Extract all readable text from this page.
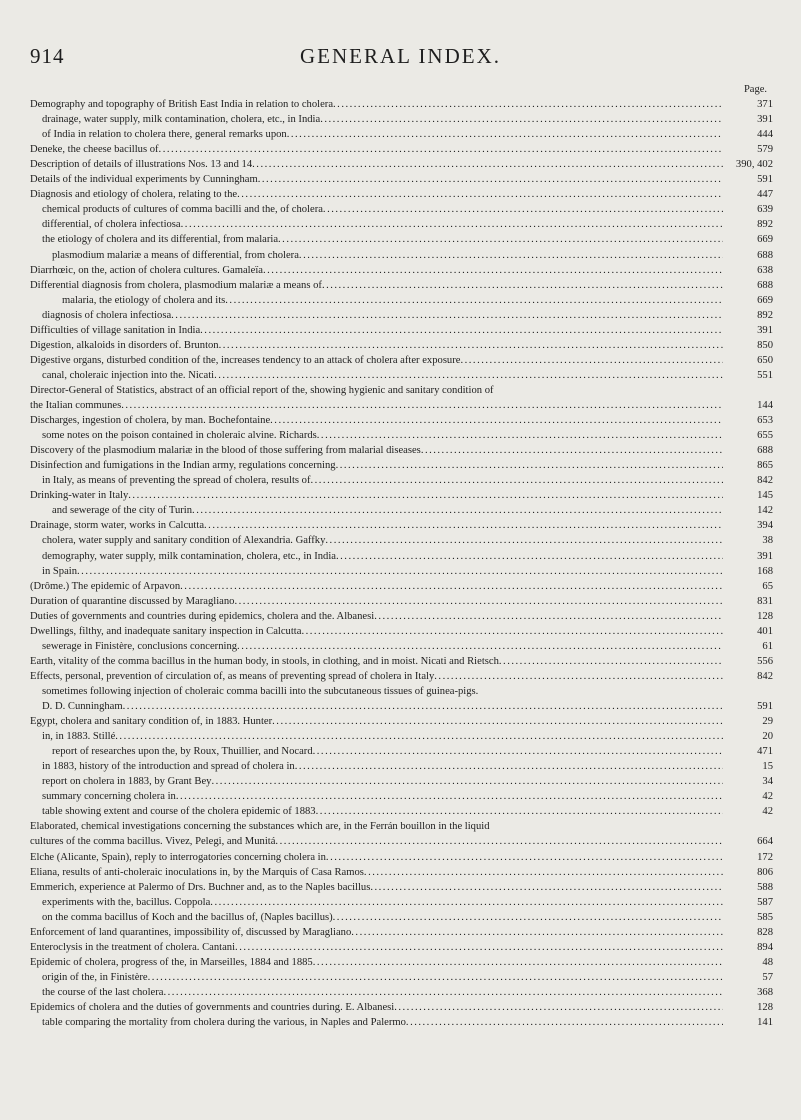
914	GENERAL INDEX.
Page.
Demography and topography of British East India in relation to cholera .....	371
drainage, water supply, milk contamination, cholera, etc., in India .....	391
of India in relation to cholera there, general remarks upon .....	444
Deneke, the cheese bacillus of .....	579
Description of details of illustrations Nos. 13 and 14 .....	390, 402
Details of the individual experiments by Cunningham .....	591
Diagnosis and etiology of cholera, relating to the .....	447
chemical products of cultures of comma bacilli and the, of cholera .....	639
differential, of cholera infectiosa .....	892
the etiology of cholera and its differential, from malaria .....	669
plasmodium malariæ a means of differential, from cholera .....	688
Diarrhœic, on the, action of cholera cultures. Gamaleïa .....	638
Differential diagnosis from cholera, plasmodium malariæ a means of .....	688
malaria, the etiology of cholera and its .....	669
diagnosis of cholera infectiosa .....	892
Difficulties of village sanitation in India .....	391
Digestion, alkaloids in disorders of. Brunton .....	850
Digestive organs, disturbed condition of the, increases tendency to an attack of cholera after exposure .....	650
canal, choleraic injection into the. Nicati .....	551
Director-General of Statistics, abstract of an official report of the, showing hygienic and sanitary condition of
the Italian communes .....	144
Discharges, ingestion of cholera, by man. Bochefontaine .....	653
some notes on the poison contained in choleraic alvine. Richards .....	655
Discovery of the plasmodium malariæ in the blood of those suffering from malarial diseases .....	688
Disinfection and fumigations in the Indian army, regulations concerning .....	865
in Italy, as means of preventing the spread of cholera, results of .....	842
Drinking-water in Italy .....	145
and sewerage of the city of Turin .....	142
Drainage, storm water, works in Calcutta .....	394
cholera, water supply and sanitary condition of Alexandria. Gaffky .....	38
demography, water supply, milk contamination, cholera, etc., in India .....	391
in Spain .....	168
(Drôme.) The epidemic of Arpavon .....	65
Duration of quarantine discussed by Maragliano .....	831
Duties of governments and countries during epidemics, cholera and the. Albanesi .....	128
Dwellings, filthy, and inadequate sanitary inspection in Calcutta .....	401
sewerage in Finistère, conclusions concerning .....	61
Earth, vitality of the comma bacillus in the human body, in stools, in clothing, and in moist. Nicati and Rietsch .....	556
Effects, personal, prevention of circulation of, as means of preventing spread of cholera in Italy .....	842
sometimes following injection of choleraic comma bacilli into the subcutaneous tissues of guinea-pigs.
D. D. Cunningham .....	591
Egypt, cholera and sanitary condition of, in 1883. Hunter .....	29
in, in 1883. Stillé .....	20
report of researches upon the, by Roux, Thuillier, and Nocard .....	471
in 1883, history of the introduction and spread of cholera in .....	15
report on cholera in 1883, by Grant Bey .....	34
summary concerning cholera in .....	42
table showing extent and course of the cholera epidemic of 1883 .....	42
Elaborated, chemical investigations concerning the substances which are, in the Ferrán bouillon in the liquid
cultures of the comma bacillus. Vivez, Pelegi, and Munitá .....	664
Elche (Alicante, Spain), reply to interrogatories concerning cholera in .....	172
Eliana, results of anti-choleraic inoculations in, by the Marquis of Casa Ramos .....	806
Emmerich, experience at Palermo of Drs. Buchner and, as to the Naples bacillus .....	588
experiments with the, bacillus. Coppola .....	587
on the comma bacillus of Koch and the bacillus of, (Naples bacillus) .....	585
Enforcement of land quarantines, impossibility of, discussed by Maragliano .....	828
Enteroclysis in the treatment of cholera. Cantani .....	894
Epidemic of cholera, progress of the, in Marseilles, 1884 and 1885 .....	48
origin of the, in Finistère .....	57
the course of the last cholera .....	368
Epidemics of cholera and the duties of governments and countries during. E. Albanesi .....	128
table comparing the mortality from cholera during the various, in Naples and Palermo .....	141
